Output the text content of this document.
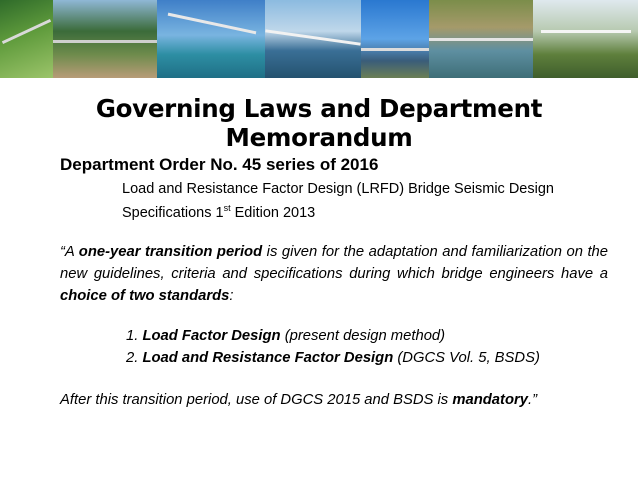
Governing Laws and Department Memorandum
Department Order No. 45 series of 2016
Load and Resistance Factor Design (LRFD) Bridge Seismic Design
Specifications 1st Edition 2013
“A one-year transition period is given for the adaptation and familiarization on the new guidelines, criteria and specifications during which bridge engineers have a choice of two standards:
1. Load Factor Design (present design method)
2. Load and Resistance Factor Design (DGCS Vol. 5, BSDS)
After this transition period, use of DGCS 2015 and BSDS is mandatory.”
